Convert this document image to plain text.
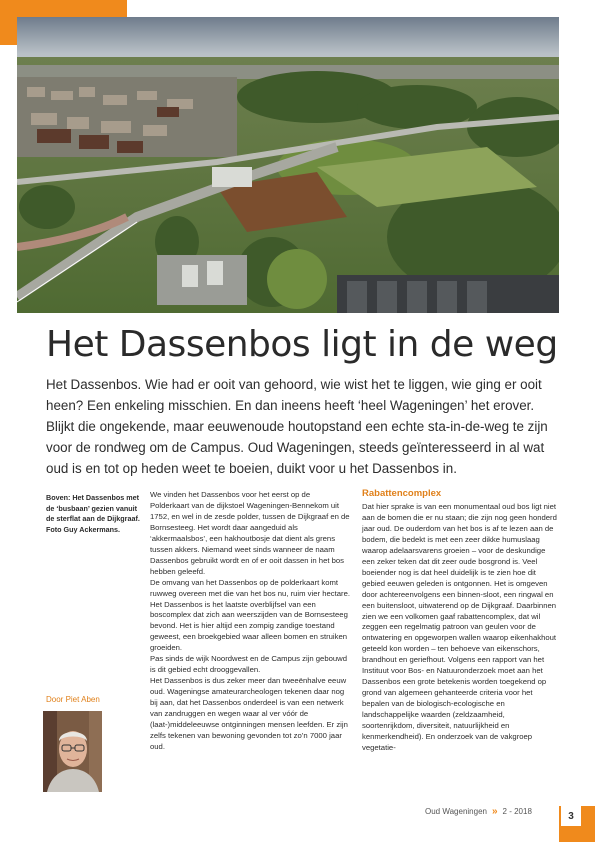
Het Dassenbos ligt in de weg

Het Dassenbos. Wie had er ooit van gehoord, wie wist het te liggen, wie ging er ooit heen? Een enkeling misschien. En dan ineens heeft ‘heel Wageningen’ het erover. Blijkt die ongekende, maar eeuwenoude houtopstand een echte sta-in-de-weg te zijn voor de rondweg om de Campus. Oud Wageningen, steeds geïnteresseerd in al wat oud is en tot op heden weet te boeien, duikt voor u het Dassenbos in.

Boven: Het Dassenbos met de ‘busbaan’ gezien vanuit de sterflat aan de Dijkgraaf. Foto Guy Ackermans.

Door Piet Aben

We vinden het Dassenbos voor het eerst op de Polderkaart van de dijkstoel Wageningen-Bennekom uit 1752, en wel in de zesde polder, tussen de Dijkgraaf en de Bornsesteeg. Het wordt daar aangeduid als ‘akkermaalsbos’, een hakhoutbosje dat dient als grens tussen akkers. Niemand weet sinds wanneer de naam Dassenbos gebruikt wordt en of er ooit dassen in het bos hebben geleefd.

De omvang van het Dassenbos op de polderkaart komt ruwweg overeen met die van het bos nu, ruim vier hectare. Het Dassenbos is het laatste overblijfsel van een boscomplex dat zich aan weerszijden van de Bornsesteeg bevond. Het is hier altijd een zompig zandige toestand geweest, een broekgebied waar alleen bomen en struiken groeiden.

Pas sinds de wijk Noordwest en de Campus zijn gebouwd is dit gebied echt drooggevallen.

Het Dassenbos is dus zeker meer dan tweeënhalve eeuw oud. Wageningse amateurarcheologen tekenen daar nog bij aan, dat het Dassenbos onderdeel is van een netwerk van zandruggen en wegen waar al ver vóór de (laat-)middeleeuwse ontginningen mensen leefden. Er zijn zelfs tekenen van bewoning gevonden tot zo’n 7000 jaar oud.

Rabattencomplex

Dat hier sprake is van een monumentaal oud bos ligt niet aan de bomen die er nu staan; die zijn nog geen honderd jaar oud. De ouderdom van het bos is af te lezen aan de bodem, die bedekt is met een zeer dikke humuslaag waarop adelaarsvarens groeien – voor de deskundige een zeker teken dat dit zeer oude bosgrond is. Veel boeiender nog is dat heel duidelijk is te zien hoe dit gebied eeuwen geleden is ontgonnen. Het is omgeven door achtereenvolgens een binnen-sloot, een ringwal en een buitensloot, uitwaterend op de Dijkgraaf. Daarbinnen zien we een volkomen gaaf rabattencomplex, dat wil zeggen een regelmatig patroon van geulen voor de ontwatering en opgeworpen wallen waarop eikenhakhout geteeld kon worden – ten behoeve van eikenschors, brandhout en geriefhout. Volgens een rapport van het Instituut voor Bos- en Natuuronderzoek moet aan het Dassenbos een grote betekenis worden toegekend op grond van algemeen gehanteerde criteria voor het bepalen van de biologisch-ecologische en landschappelijke waarden (zeldzaamheid, soortenrijkdom, diversiteit, natuurlijkheid en kenmerkendheid). En onderzoek van de vakgroep vegetatie-

Oud Wageningen » 2 - 2018	3
